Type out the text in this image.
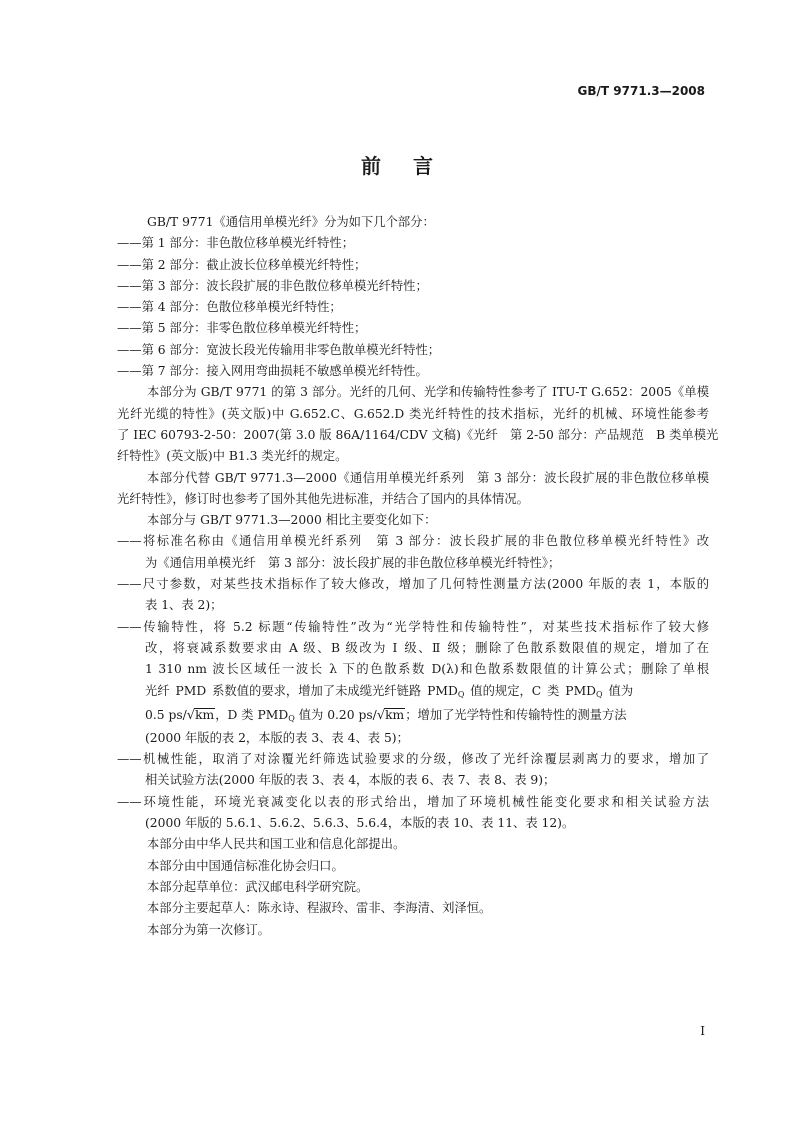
GB/T 9771.3—2008
前言
GB/T 9771《通信用单模光纤》分为如下几个部分：
——第 1 部分：非色散位移单模光纤特性；
——第 2 部分：截止波长位移单模光纤特性；
——第 3 部分：波长段扩展的非色散位移单模光纤特性；
——第 4 部分：色散位移单模光纤特性；
——第 5 部分：非零色散位移单模光纤特性；
——第 6 部分：宽波长段光传输用非零色散单模光纤特性；
——第 7 部分：接入网用弯曲损耗不敏感单模光纤特性。
本部分为 GB/T 9771 的第 3 部分。光纤的几何、光学和传输特性参考了 ITU-T G.652：2005《单模
光纤光缆的特性》(英文版)中 G.652.C、G.652.D 类光纤特性的技术指标，光纤的机械、环境性能参考
了 IEC 60793-2-50：2007(第 3.0 版 86A/1164/CDV 文稿)《光纤　第 2-50 部分：产品规范　B 类单模光
纤特性》(英文版)中 B1.3 类光纤的规定。
本部分代替 GB/T 9771.3—2000《通信用单模光纤系列　第 3 部分：波长段扩展的非色散位移单模
光纤特性》，修订时也参考了国外其他先进标准，并结合了国内的具体情况。
本部分与 GB/T 9771.3—2000 相比主要变化如下：
——将标准名称由《通信用单模光纤系列　第 3 部分：波长段扩展的非色散位移单模光纤特性》改
为《通信用单模光纤　第 3 部分：波长段扩展的非色散位移单模光纤特性》；
——尺寸参数，对某些技术指标作了较大修改，增加了几何特性测量方法(2000 年版的表 1，本版的
表 1、表 2)；
——传输特性，将 5.2 标题“传输特性”改为“光学特性和传输特性”，对某些技术指标作了较大修
改，将衰减系数要求由 A 级、B 级改为 Ⅰ 级、Ⅱ 级；删除了色散系数限值的规定，增加了在
1 310 nm 波长区域任一波长 λ 下的色散系数 D(λ)和色散系数限值的计算公式；删除了单根
光纤 PMD 系数值的要求，增加了未成缆光纤链路 $PMD_Q$ 值的规定，C 类 $PMD_Q$ 值为
0.5 ps/√km，D 类 $PMD_Q$ 值为 0.20 ps/√km；增加了光学特性和传输特性的测量方法
(2000 年版的表 2，本版的表 3、表 4、表 5)；
——机械性能，取消了对涂覆光纤筛选试验要求的分级，修改了光纤涂覆层剥离力的要求，增加了
相关试验方法(2000 年版的表 3、表 4，本版的表 6、表 7、表 8、表 9)；
——环境性能，环境光衰减变化以表的形式给出，增加了环境机械性能变化要求和相关试验方法
(2000 年版的 5.6.1、5.6.2、5.6.3、5.6.4，本版的表 10、表 11、表 12)。
本部分由中华人民共和国工业和信息化部提出。
本部分由中国通信标准化协会归口。
本部分起草单位：武汉邮电科学研究院。
本部分主要起草人：陈永诗、程淑玲、雷非、李海清、刘泽恒。
本部分为第一次修订。
I
